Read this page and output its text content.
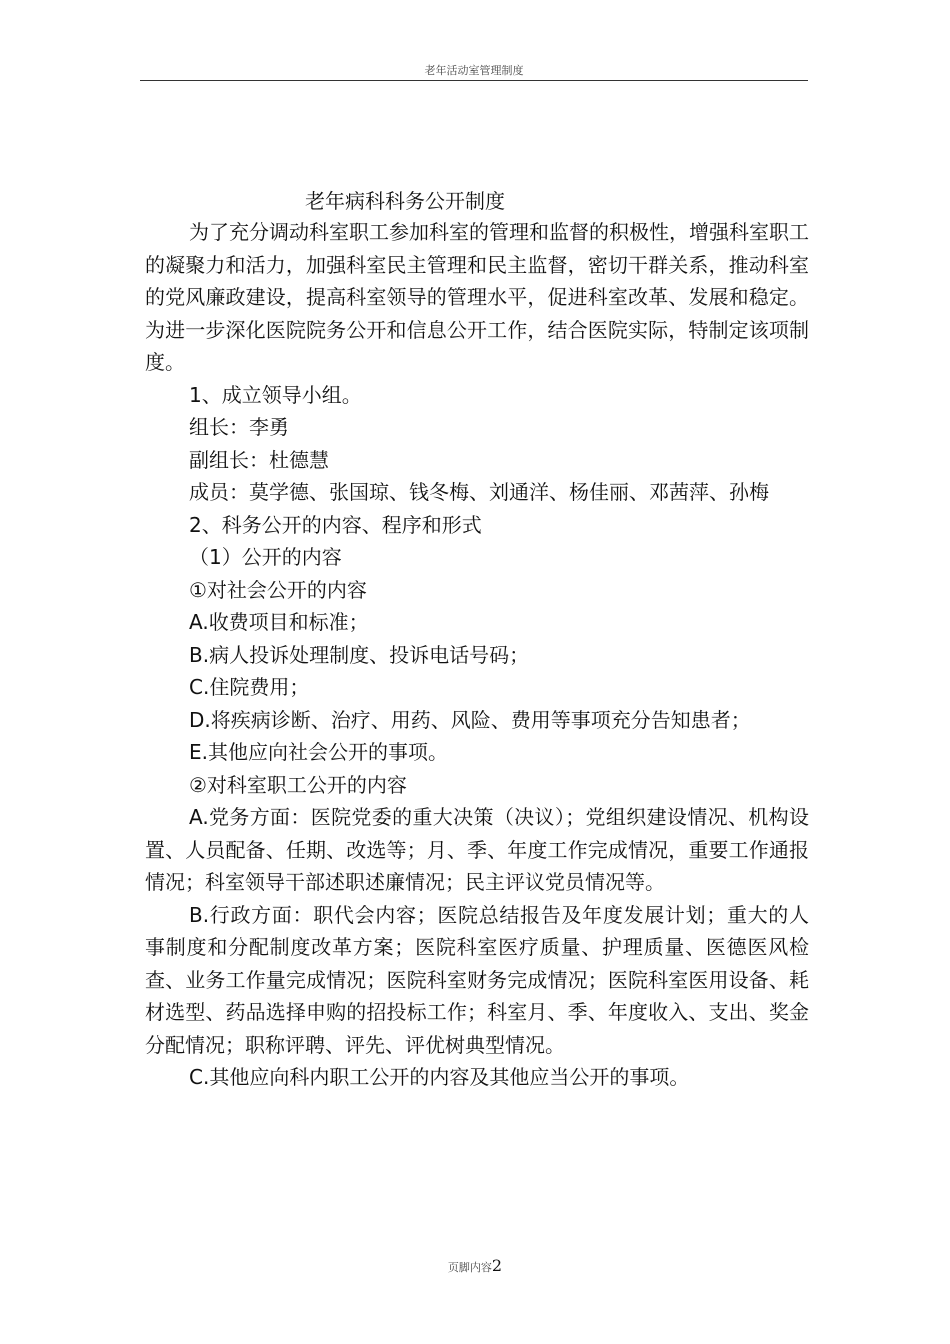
老年活动室管理制度
老年病科科务公开制度

为了充分调动科室职工参加科室的管理和监督的积极性，增强科室职工的凝聚力和活力，加强科室民主管理和民主监督，密切干群关系，推动科室的党风廉政建设，提高科室领导的管理水平，促进科室改革、发展和稳定。为进一步深化医院院务公开和信息公开工作，结合医院实际，特制定该项制度。

1、成立领导小组。

组长：李勇

副组长：杜德慧

成员：莫学德、张国琼、钱冬梅、刘通洋、杨佳丽、邓茜萍、孙梅

2、科务公开的内容、程序和形式

（1）公开的内容

①对社会公开的内容

A.收费项目和标准；

B.病人投诉处理制度、投诉电话号码；

C.住院费用；

D.将疾病诊断、治疗、用药、风险、费用等事项充分告知患者；

E.其他应向社会公开的事项。

②对科室职工公开的内容

A.党务方面：医院党委的重大决策（决议）；党组织建设情况、机构设置、人员配备、任期、改选等；月、季、年度工作完成情况，重要工作通报情况；科室领导干部述职述廉情况；民主评议党员情况等。

B.行政方面：职代会内容；医院总结报告及年度发展计划；重大的人事制度和分配制度改革方案；医院科室医疗质量、护理质量、医德医风检查、业务工作量完成情况；医院科室财务完成情况；医院科室医用设备、耗材选型、药品选择申购的招投标工作；科室月、季、年度收入、支出、奖金分配情况；职称评聘、评先、评优树典型情况。

C.其他应向科内职工公开的内容及其他应当公开的事项。

页脚内容2
